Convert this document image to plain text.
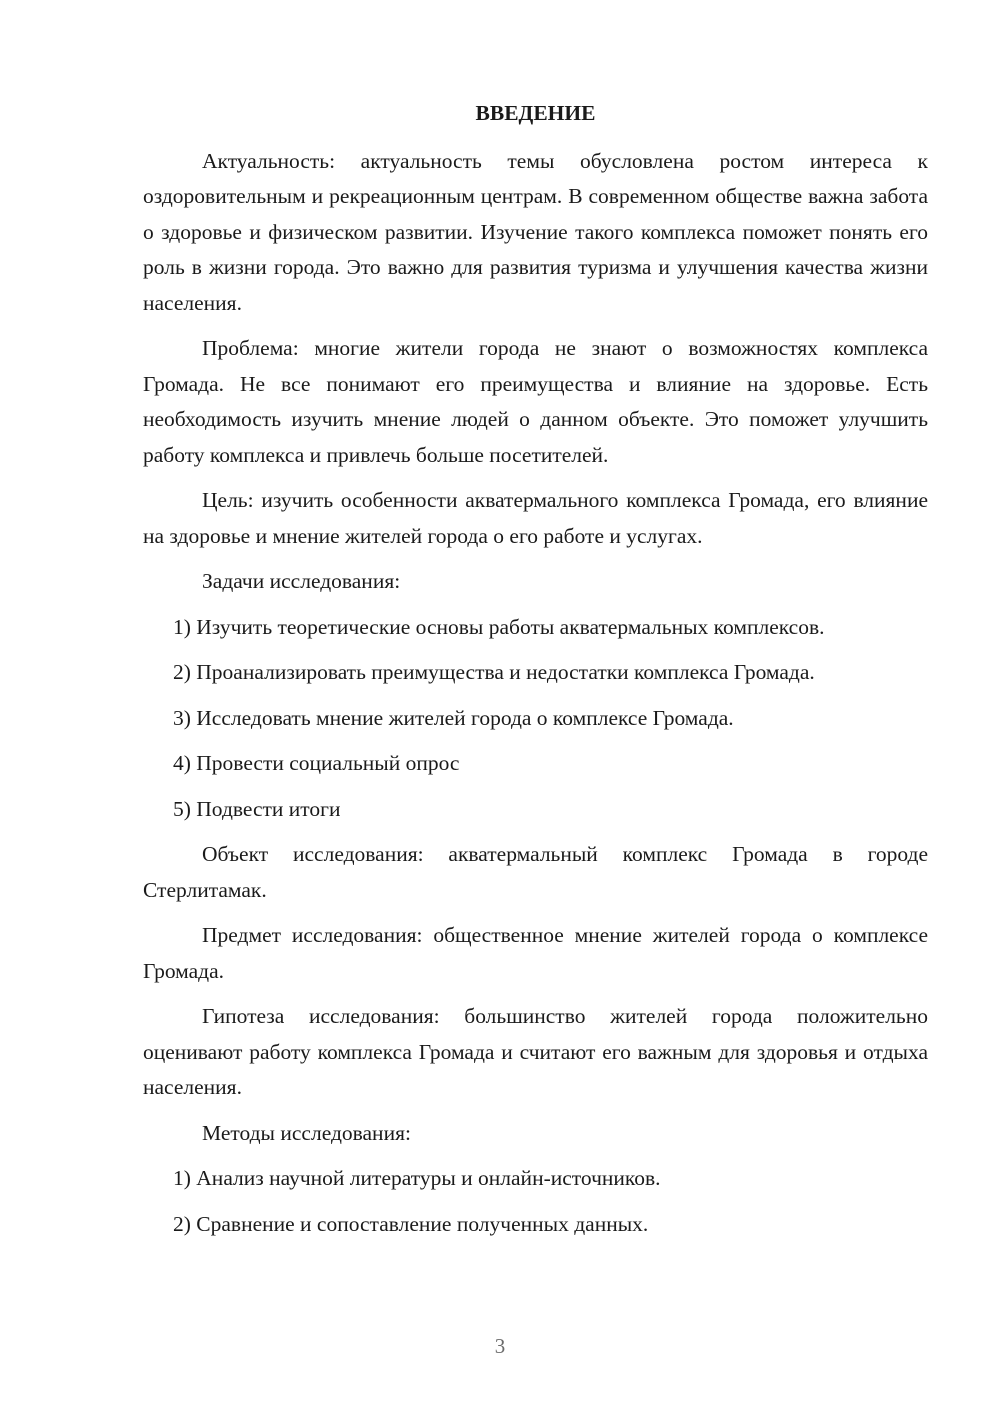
ВВЕДЕНИЕ

Актуальность: актуальность темы обусловлена ростом интереса к оздоровительным и рекреационным центрам. В современном обществе важна забота о здоровье и физическом развитии. Изучение такого комплекса поможет понять его роль в жизни города. Это важно для развития туризма и улучшения качества жизни населения.

Проблема: многие жители города не знают о возможностях комплекса Громада. Не все понимают его преимущества и влияние на здоровье. Есть необходимость изучить мнение людей о данном объекте. Это поможет улучшить работу комплекса и привлечь больше посетителей.

Цель: изучить особенности акватермального комплекса Громада, его влияние на здоровье и мнение жителей города о его работе и услугах.

Задачи исследования:

1) Изучить теоретические основы работы акватермальных комплексов.

2) Проанализировать преимущества и недостатки комплекса Громада.

3) Исследовать мнение жителей города о комплексе Громада.

4) Провести социальный опрос

5) Подвести итоги

Объект исследования: акватермальный комплекс Громада в городе Стерлитамак.

Предмет исследования: общественное мнение жителей города о комплексе Громада.

Гипотеза исследования: большинство жителей города положительно оценивают работу комплекса Громада и считают его важным для здоровья и отдыха населения.

Методы исследования:

1) Анализ научной литературы и онлайн-источников.

2) Сравнение и сопоставление полученных данных.

3
